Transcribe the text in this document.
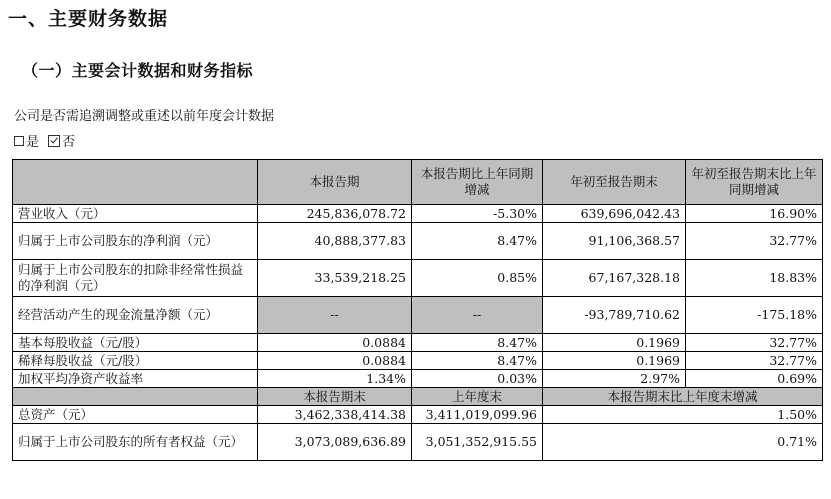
一、主要财务数据
（一）主要会计数据和财务指标
公司是否需追溯调整或重述以前年度会计数据
是 否
	本报告期	本报告期比上年同期增减	年初至报告期末	年初至报告期末比上年同期增减
营业收入（元）	245,836,078.72	-5.30%	639,696,042.43	16.90%
归属于上市公司股东的净利润（元）	40,888,377.83	8.47%	91,106,368.57	32.77%
归属于上市公司股东的扣除非经常性损益的净利润（元）	33,539,218.25	0.85%	67,167,328.18	18.83%
经营活动产生的现金流量净额（元）	--	--	-93,789,710.62	-175.18%
基本每股收益（元/股）	0.0884	8.47%	0.1969	32.77%
稀释每股收益（元/股）	0.0884	8.47%	0.1969	32.77%
加权平均净资产收益率	1.34%	0.03%	2.97%	0.69%
	本报告期末	上年度末	本报告期末比上年度末增减	
总资产（元）	3,462,338,414.38	3,411,019,099.96	1.50%	
归属于上市公司股东的所有者权益（元）	3,073,089,636.89	3,051,352,915.55	0.71%	
